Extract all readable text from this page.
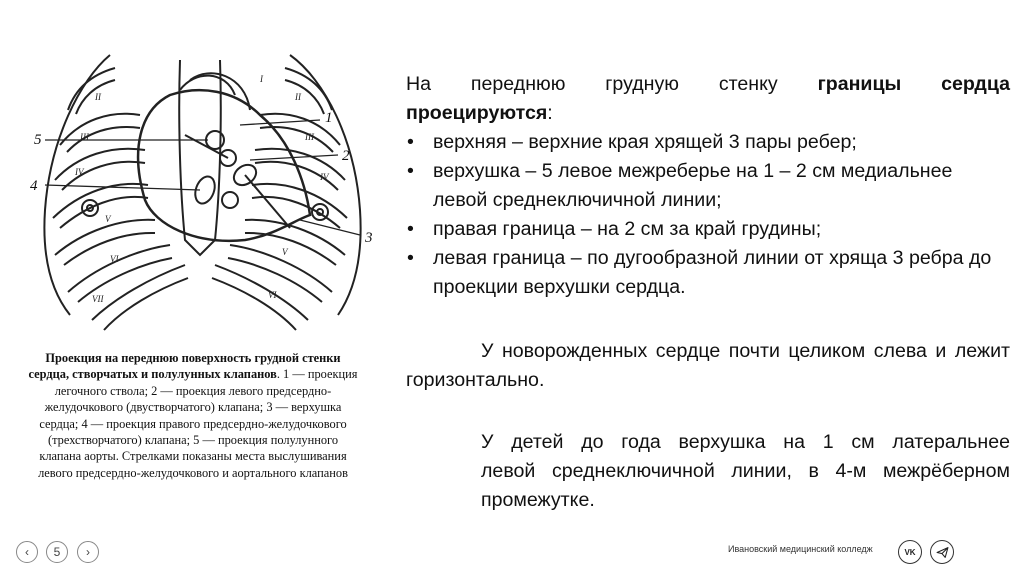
1
2
3
4
5
II
III
IV
V
VI
VII
I
II
III
IV
V
VI
Проекция на переднюю поверхность грудной стенки сердца, створчатых и полулунных клапанов. 1 — проекция легочного ствола; 2 — проекция левого предсердно-желудочкового (двустворчатого) клапана; 3 — верхушка сердца; 4 — проекция правого предсердно-желудочкового (трехстворчатого) клапана; 5 — проекция полулунного клапана аорты. Стрелками показаны места выслушивания левого предсердно-желудочкового и аортального клапанов

На переднюю грудную стенку границы сердца

проецируются:

• верхняя – верхние края хрящей 3 пары ребер;
• верхушка – 5 левое межреберье на 1 – 2 см медиальнее левой среднеключичной линии;
• правая граница – на 2 см за край грудины;
• левая граница – по дугообразной линии от хряща 3 ребра до проекции верхушки сердца.

У новорожденных сердце почти целиком слева и лежит горизонтально.

У детей до года верхушка на 1 см латеральнее
левой среднеключичной линии, в 4-м межрёберном
промежутке.
‹	5	›	Ивановский медицинский колледж	VK
